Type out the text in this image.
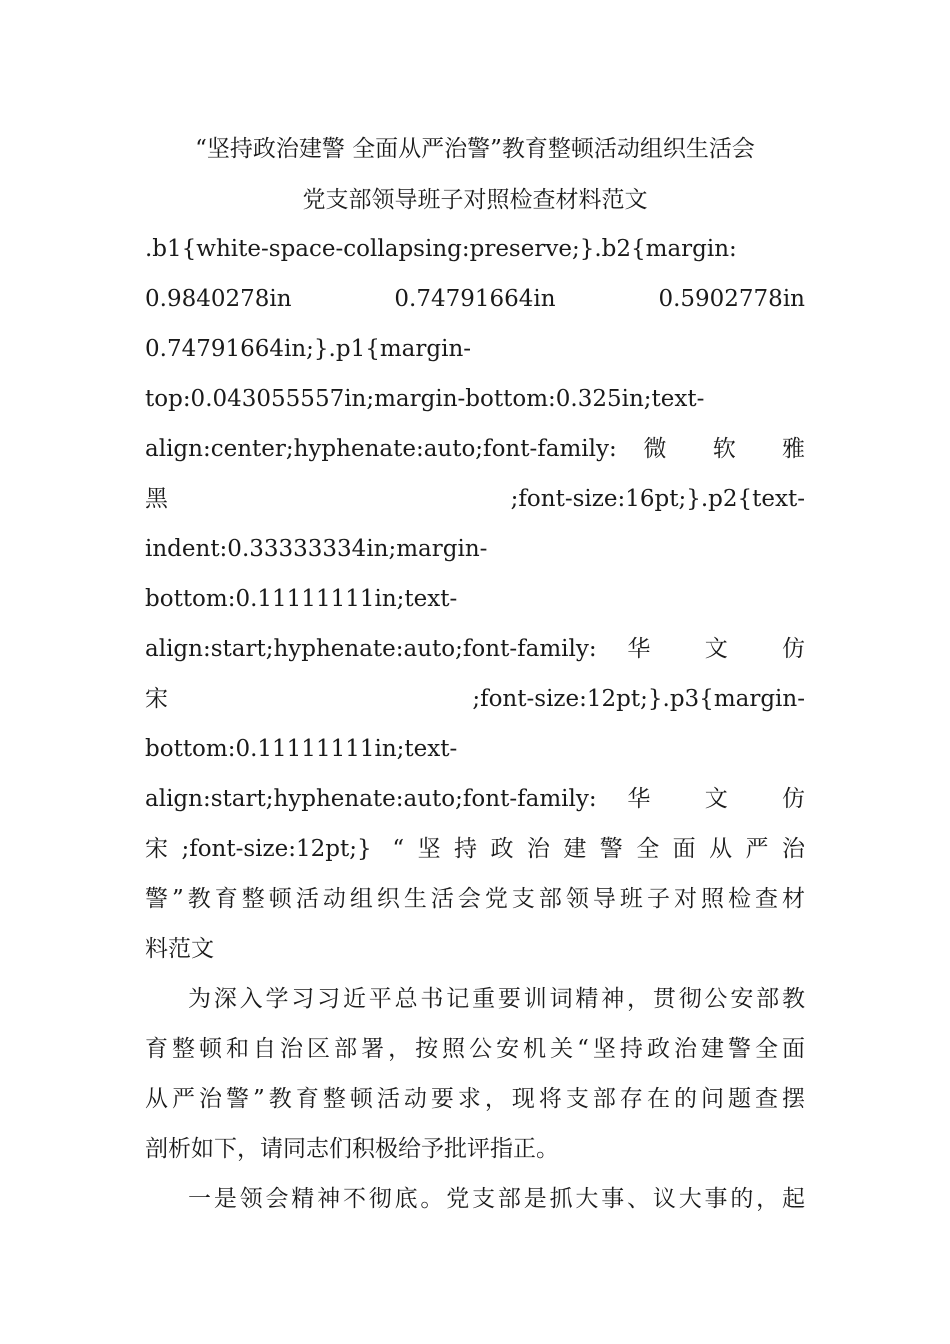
“坚持政治建警 全面从严治警”教育整顿活动组织生活会
党支部领导班子对照检查材料范文
.b1{white-space-collapsing:preserve;}.b2{margin:
0.9840278in 0.74791664in 0.5902778in
0.74791664in;}.p1{margin-
top:0.043055557in;margin-bottom:0.325in;text-
align:center;hyphenate:auto;font-family: 微 软 雅
黑 ;font-size:16pt;}.p2{text-
indent:0.33333334in;margin-
bottom:0.11111111in;text-
align:start;hyphenate:auto;font-family: 华 文 仿
宋 ;font-size:12pt;}.p3{margin-
bottom:0.11111111in;text-
align:start;hyphenate:auto;font-family: 华 文 仿
宋;font-size:12pt;} “坚持政治建警全面从严治
警”教育整顿活动组织生活会党支部领导班子对照检查材
料范文
为深入学习习近平总书记重要训词精神，贯彻公安部教
育整顿和自治区部署，按照公安机关“坚持政治建警全面
从严治警”教育整顿活动要求，现将支部存在的问题查摆
剖析如下，请同志们积极给予批评指正。
一是领会精神不彻底。党支部是抓大事、议大事的，起
